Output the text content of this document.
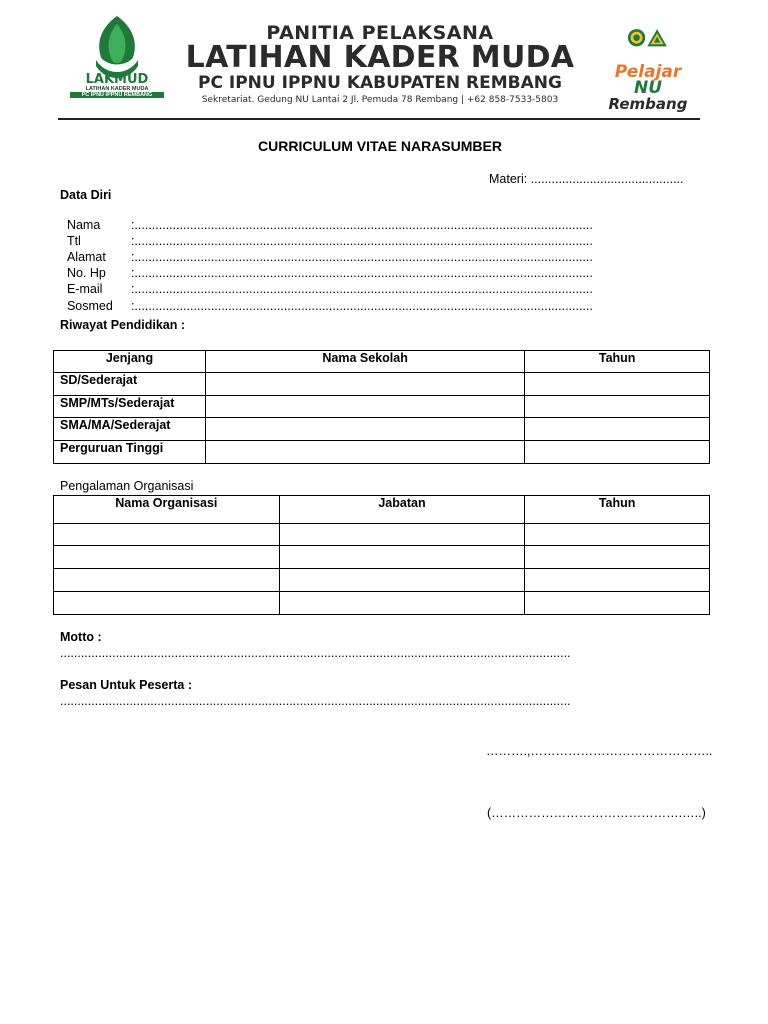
LAKMUD
LATIHAN KADER MUDA
PC IPNU IPPNU REMBANG
PANITIA PELAKSANA
LATIHAN KADER MUDA
PC IPNU IPPNU KABUPATEN REMBANG
Sekretariat. Gedung NU Lantai 2 Jl. Pemuda 78 Rembang | +62 858-7533-5803
Pelajar NU
Rembang
CURRICULUM VITAE NARASUMBER
Materi: ............................................
Data Diri

Nama :....................................................................................................................................

Ttl	:....................................................................................................................................

Alamat :....................................................................................................................................

No. Hp :....................................................................................................................................

E-mail :....................................................................................................................................

Sosmed :....................................................................................................................................

Riwayat Pendidikan :
Jenjang	Nama Sekolah	Tahun
SD/Sederajat		
SMP/MTs/Sederajat		
SMA/MA/Sederajat		
Perguruan Tinggi		
Pengalaman Organisasi
Nama Organisasi	Jabatan	Tahun

Motto :
...................................................................................................................................................
Pesan Untuk Peserta :
...................................................................................................................................................
……….,……………………………………..
(……………………………………….…..)
